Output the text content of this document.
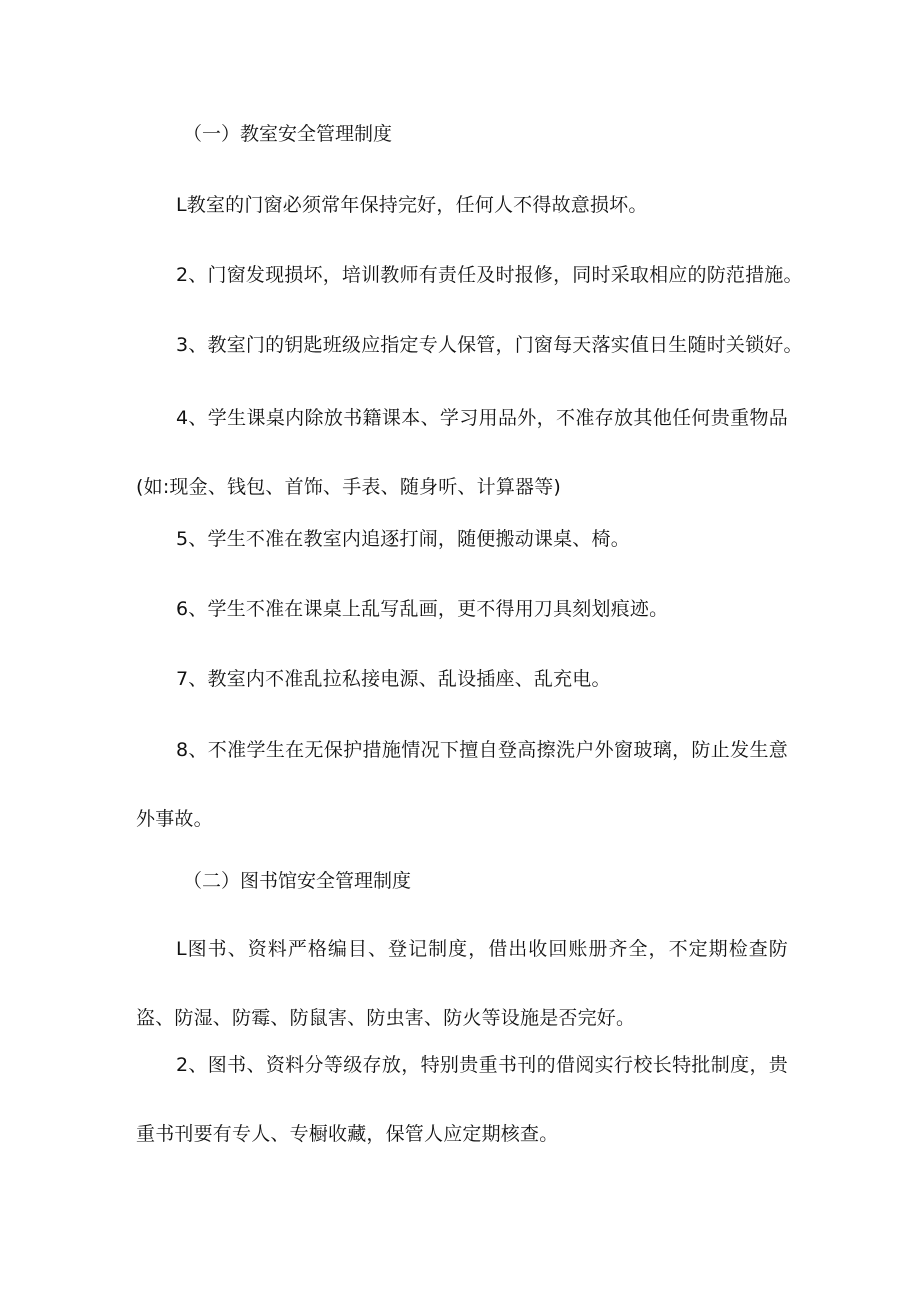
（一）教室安全管理制度
L教室的门窗必须常年保持完好，任何人不得故意损坏。
2、门窗发现损坏，培训教师有责任及时报修，同时采取相应的防范措施。
3、教室门的钥匙班级应指定专人保管，门窗每天落实值日生随时关锁好。
4、学生课桌内除放书籍课本、学习用品外，不准存放其他任何贵重物品(如:现金、钱包、首饰、手表、随身听、计算器等)
5、学生不准在教室内追逐打闹，随便搬动课桌、椅。
6、学生不准在课桌上乱写乱画，更不得用刀具刻划痕迹。
7、教室内不准乱拉私接电源、乱设插座、乱充电。
8、不准学生在无保护措施情况下擅自登高擦洗户外窗玻璃，防止发生意外事故。
（二）图书馆安全管理制度
L图书、资料严格编目、登记制度，借出收回账册齐全，不定期检查防盗、防湿、防霉、防鼠害、防虫害、防火等设施是否完好。
2、图书、资料分等级存放，特别贵重书刊的借阅实行校长特批制度，贵重书刊要有专人、专橱收藏，保管人应定期核查。
